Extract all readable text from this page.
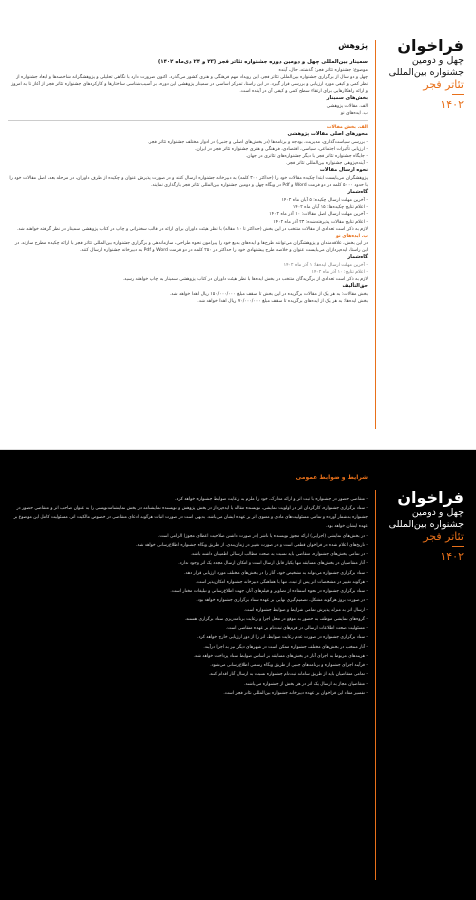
فراخوان
چهل و دومین
جشنواره بین‌المللی
تئاتر فجر
۱۴۰۲
پژوهش
سمینار بین‌المللی چهل و دومین دوره جشنواره تئاتر فجر (۲۳ و ۲۴ دی‌ماه ۱۴۰۲)
موضوع: جشنواره تئاتر فجر: گذشته، حال، آینده
چهل و دو سال از برگزاری جشنواره بین‌المللی تئاتر فجر، این رویداد مهم فرهنگی و هنری کشور می‌گذرد. اکنون ضرورت دارد با نگاهی تحلیلی و پژوهشگرانه شاخصه‌ها و ابعاد جشنواره از نظر کمی و کیفی مورد ارزیابی و بررسی قرار گیرد. در این راستا، تمرکز اساسی در سمینار پژوهشی این دوره، بر آسیب‌شناسی ساختارها و کارکردهای جشنواره تئاتر فجر از آغاز تا به امروز و ارائه راهکارهایی برای ارتقاء سطح کمی و کیفی آن در آینده است.
بخش‌های سمینار
الف. مقالات پژوهشی
ب. ایده‌های نو
الف. بخش مقالات
محورهای اصلی مقالات پژوهشی
- بررسی سیاست‌گذاری، مدیریت، بودجه و برنامه‌ها (در بخش‌های اصلی و جنبی) در ادوار مختلف جشنواره تئاتر فجر.
- ارزیابی تأثیرات اجتماعی، سیاسی، اقتصادی، فرهنگی و هنری جشنواره تئاتر فجر در ایران.
- جایگاه جشنواره تئاتر فجر با دیگر جشنواره‌های تئاتری در جهان.
- آینده‌پژوهی جشنواره بین‌المللی تئاتر فجر.
نحوه ارسال مقالات
پژوهشگران می‌بایست ابتدا چکیده مقالات خود را (حداکثر ۳۰۰ کلمه) به دبیرخانه جشنواره ارسال کنند و در صورت پذیرش عنوان و چکیده از طرف داوران، در مرحله بعد، اصل مقالات خود را با حدود ۵۰۰۰ کلمه در دو فرمت Word و Pdf در وبگاه چهل و دومین جشنواره بین‌المللی تئاتر فجر بارگذاری نمایند.
گاه‌شمار
- آخرین مهلت ارسال چکیده: ۵ آبان ماه ۱۴۰۲
- اعلام نتایج چکیده‌ها: ۱۵ آبان ماه ۱۴۰۲
- آخرین مهلت ارسال اصل مقالات: ۱۰ آذر ماه ۱۴۰۲
- اعلام نتایج مقالات پذیرفته‌شده: ۲۳ آذر ماه ۱۴۰۲
لازم به ذکر است تعدادی از مقالات منتخب در این بخش (حداکثر تا ۱۰ مقاله) با نظر هیئت داوران برای ارائه در قالب سخنرانی و چاپ در کتاب پژوهشی سمینار در نظر گرفته خواهند شد.
ب. ایده‌های نو
در این بخش، علاقه‌مندان و پژوهشگران می‌توانند طرح‌ها و ایده‌های بدیع خود را پیرامون نحوه طراحی، سازماندهی و برگزاری جشنواره بین‌المللی تئاتر فجر با ارائه چکیده مطرح سازند. در این راستا، ایده‌پردازان می‌بایست عنوان و خلاصه طرح پیشنهادی خود را حداکثر در ۲۵۰ کلمه در دو فرمت Word و Pdf به دبیرخانه جشنواره ارسال کنند.
گاه‌شمار
- آخرین مهلت ارسال ایده‌ها: ۱ آذر ماه ۱۴۰۲
- اعلام نتایج: ۱۰ آذر ماه ۱۴۰۲
لازم به ذکر است تعدادی از برگزیدگان منتخب در بخش ایده‌ها با نظر هیئت داوران در کتاب پژوهشی سمینار به چاپ خواهند رسید.
حق‌التألیف
بخش مقالات: به هر یک از مقالات برگزیده در این بخش تا سقف مبلغ ۱۵۰/۰۰۰/۰۰۰ ریال اهدا خواهد شد.
بخش ایده‌ها: به هر یک از ایده‌های برگزیده تا سقف مبلغ ۷۰/۰۰۰/۰۰۰ ریال اهدا خواهد شد.
فراخوان
چهل و دومین
جشنواره بین‌المللی
تئاتر فجر
۱۴۰۲
شرایط و ضوابط عمومی
- متقاضی حضور در جشنواره با ثبت اثر و ارائه مدارک، خود را ملزم به رعایت ضوابط جشنواره خواهد کرد.
- ستاد برگزاری جشنواره، کارگردان اثر در اولویت نمایشی، نویسنده مقاله یا ایده‌پرداز در بخش پژوهش و نویسنده نمایشنامه در بخش نمایشنامه‌نویسی را به عنوان صاحب اثر و متقاضی حضور در جشنواره به‌شمار آورده و تمامی مسئولیت‌های مادی و معنوی اثر بر عهده ایشان می‌باشد. بدیهی است در صورت اثبات هرگونه ادعای متقاضی در خصوص مالکیت اثر، مسئولیت کامل این موضوع بر عهده ایشان خواهد بود.
- در بخش‌های نمایشی (اجرایی) ارائه مجوز نویسنده یا ناشر (در صورت داشتن صلاحیت اعطای مجوز) الزامی است.
- تاریخ‌های اعلام شده در فراخوان قطعی است و در صورت تغییر در زمان‌بندی، از طریق وبگاه جشنواره اطلاع‌رسانی خواهد شد.
- در تمامی بخش‌های جشنواره، متقاضی باید نسبت به صحت مطالب ارسالی اطمینان داشته باشد.
- آثار متقاضیان در بخش‌های مسابقه تنها یکبار قابل ارسال است و امکان ارسال مجدد یک اثر وجود ندارد.
- ستاد برگزاری جشنواره می‌تواند به تشخیص خود، آثار را در بخش‌های مختلف مورد ارزیابی قرار دهد.
- هرگونه تغییر در مشخصات اثر پس از ثبت، تنها با هماهنگی دبیرخانه جشنواره امکان‌پذیر است.
- ستاد برگزاری جشنواره در نحوه استفاده از تصاویر و فیلم‌های آثار، جهت اطلاع‌رسانی و تبلیغات مختار است.
- در صورت بروز هرگونه مشکل، تصمیم‌گیری نهایی بر عهده ستاد برگزاری جشنواره خواهد بود.
- ارسال اثر به منزله پذیرش تمامی شرایط و ضوابط جشنواره است.
- گروه‌های نمایشی موظف به حضور به موقع در محل اجرا و رعایت برنامه‌ریزی ستاد برگزاری هستند.
- مسئولیت صحت اطلاعات ارسالی در فرم‌های ثبت‌نام بر عهده متقاضی است.
- ستاد برگزاری جشنواره در صورت عدم رعایت ضوابط، اثر را از دور ارزیابی خارج خواهد کرد.
- آثار منتخب در بخش‌های مختلف جشنواره ممکن است در شهرهای دیگر نیز به اجرا درآیند.
- هزینه‌های مربوط به اجرای آثار در بخش‌های مسابقه بر اساس ضوابط ستاد پرداخت خواهد شد.
- فرآیند اجرای جشنواره و برنامه‌های جنبی از طریق وبگاه رسمی اطلاع‌رسانی می‌شود.
- تمامی متقاضیان باید از طریق سامانه ثبت‌نام جشنواره نسبت به ارسال آثار اقدام کنند.
- متقاضیان مجاز به ارسال یک اثر در هر بخش از جشنواره می‌باشند.
- تفسیر مفاد این فراخوان بر عهده دبیرخانه جشنواره بین‌المللی تئاتر فجر است.
